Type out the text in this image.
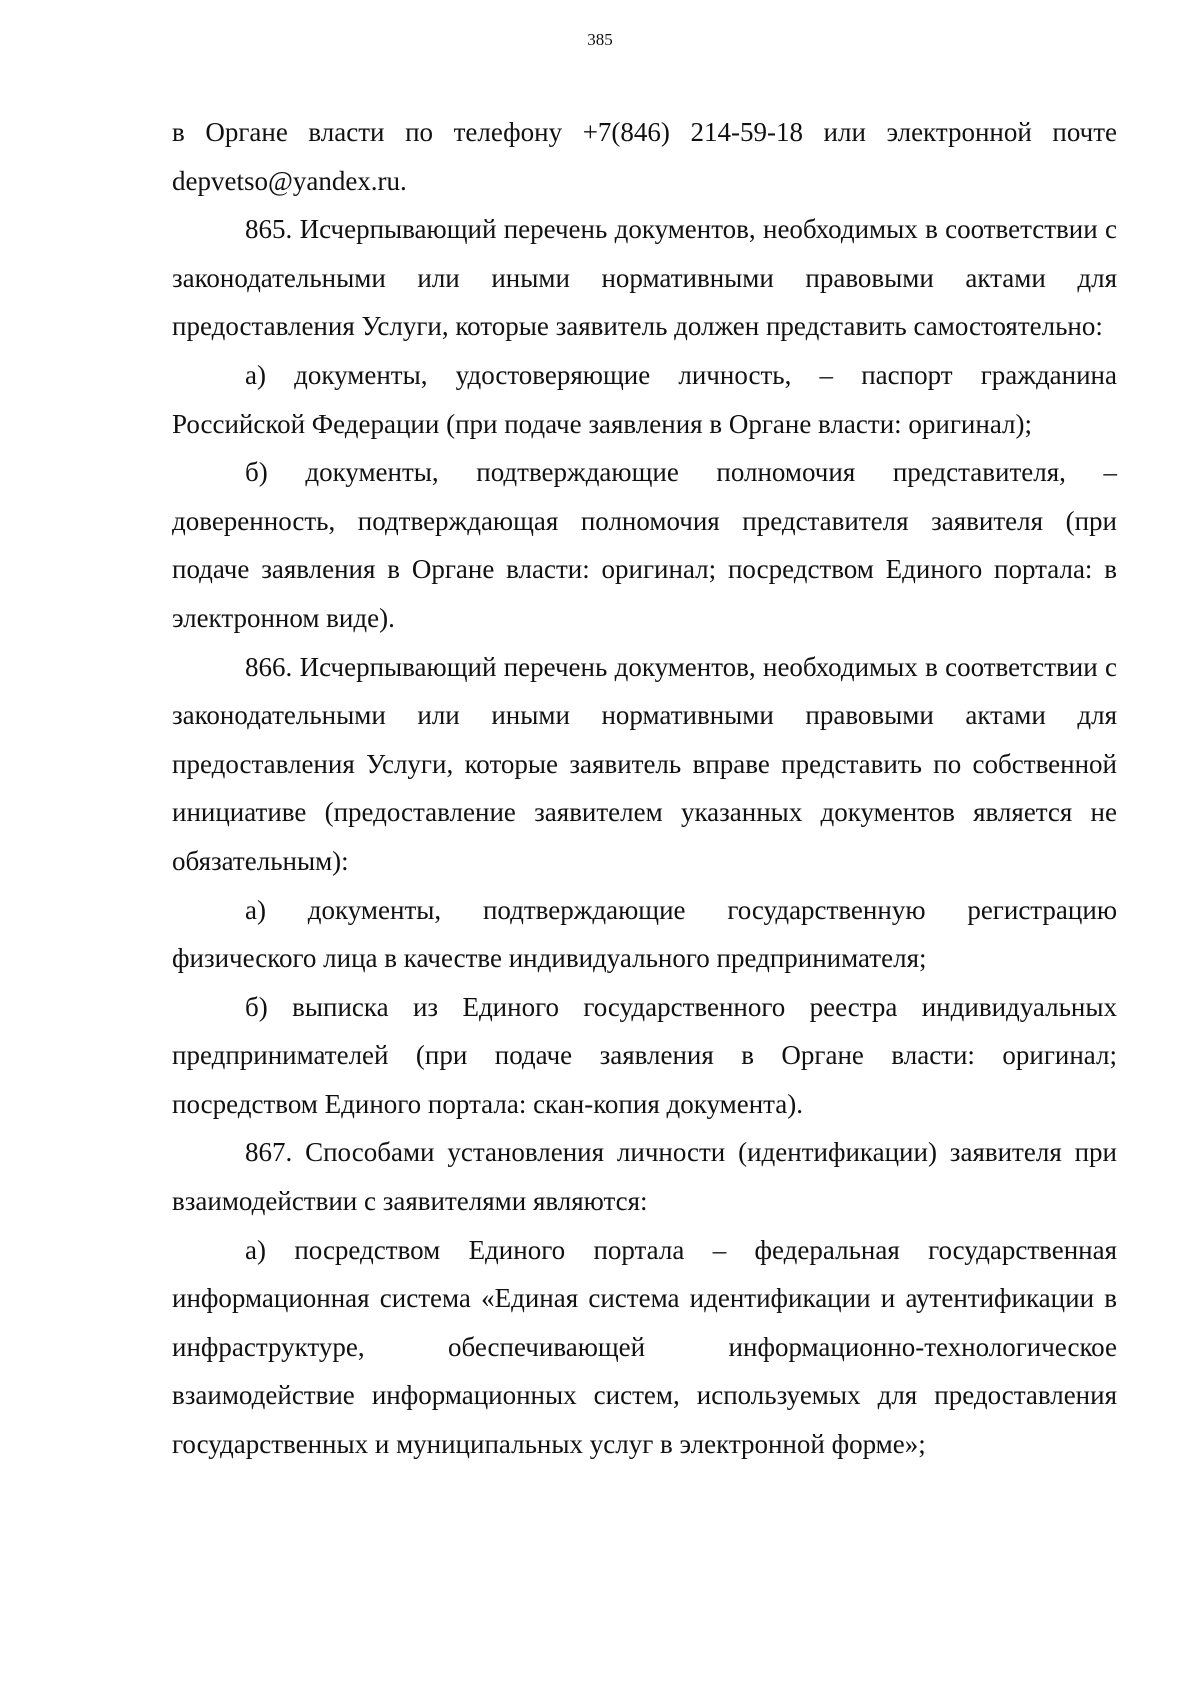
385

в Органе власти по телефону +7(846) 214-59-18 или электронной почте depvetso@yandex.ru.

865. Исчерпывающий перечень документов, необходимых в соответствии с законодательными или иными нормативными правовыми актами для предоставления Услуги, которые заявитель должен представить самостоятельно:

а) документы, удостоверяющие личность, – паспорт гражданина Российской Федерации (при подаче заявления в Органе власти: оригинал);

б) документы, подтверждающие полномочия представителя, – доверенность, подтверждающая полномочия представителя заявителя (при подаче заявления в Органе власти: оригинал; посредством Единого портала: в электронном виде).

866. Исчерпывающий перечень документов, необходимых в соответствии с законодательными или иными нормативными правовыми актами для предоставления Услуги, которые заявитель вправе представить по собственной инициативе (предоставление заявителем указанных документов является не обязательным):

а) документы, подтверждающие государственную регистрацию физического лица в качестве индивидуального предпринимателя;

б) выписка из Единого государственного реестра индивидуальных предпринимателей (при подаче заявления в Органе власти: оригинал; посредством Единого портала: скан-копия документа).

867. Способами установления личности (идентификации) заявителя при взаимодействии с заявителями являются:

а) посредством Единого портала – федеральная государственная информационная система «Единая система идентификации и аутентификации в инфраструктуре, обеспечивающей информационно-технологическое взаимодействие информационных систем, используемых для предоставления государственных и муниципальных услуг в электронной форме»;
